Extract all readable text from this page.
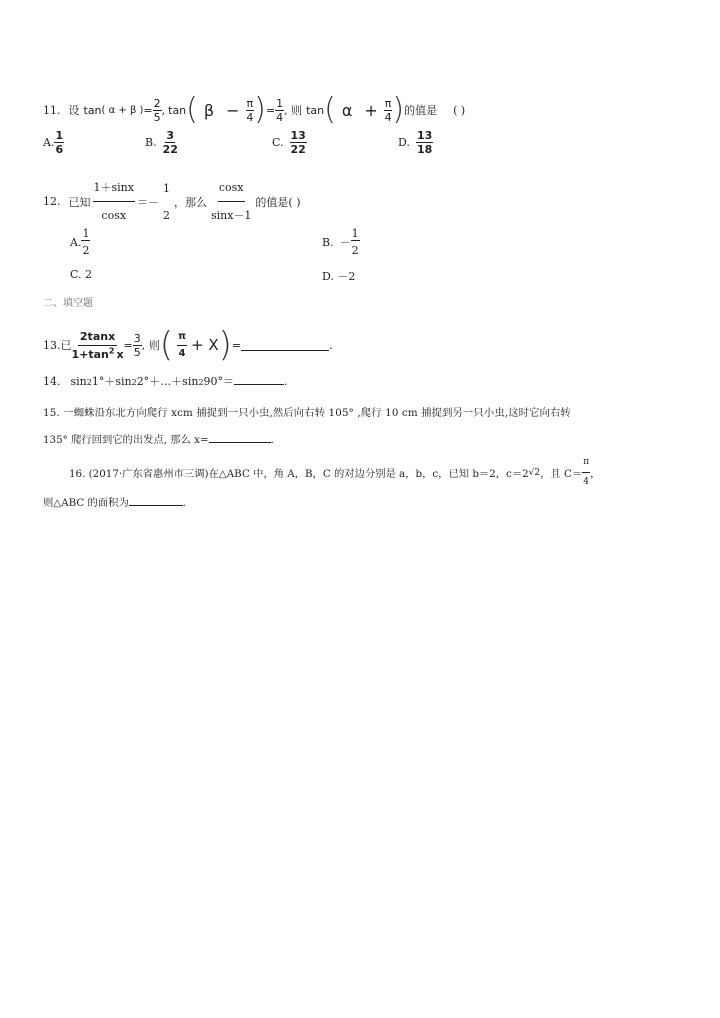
11. 设 tan ( α + β ) = $\frac{2}{5}$ , tan ( $\beta - \frac{\pi}{4}$ ) = $\frac{1}{4}$ , 则 tan ( $\alpha + \frac{\pi}{4}$ ) 的值是 ( )
A. $\frac{1}{6}$	B. $\frac{3}{22}$	C. $\frac{13}{22}$	D. $\frac{13}{18}$
12. 已知 $\frac{1+\sin x}{\cos x}$ ＝－
1
2
，那么 $\frac{\cos x}{\sin x-1}$ 的值是( )
A. $\frac{1}{2}$	B. － $\frac{1}{2}$
C. 2	D. －2
二、填空题
13. 已 $\frac{2\tan x}{1+\tan^2 x} = \frac{3}{5}$ , 则 ( $\frac{\pi}{4} + X$ ) =	.
14. sin 2 1°＋sin 2 2°＋…＋sin 2 90°＝	.
15. 一蜘蛛沿东北方向爬行 xcm 捕捉到一只小虫,然后向右转 105° ,爬行 10 cm 捕捉到另一只小虫,这时它向右转
135° 爬行回到它的出发点, 那么 x=	.
16. (2017·广东省惠州市三调)在△ABC 中，角 A，B，C 的对边分别是 a，b，c，已知 b＝2，c＝2 √2 ，且 $C= \frac{\pi}{4}$ ，
则△ABC 的面积为	.
